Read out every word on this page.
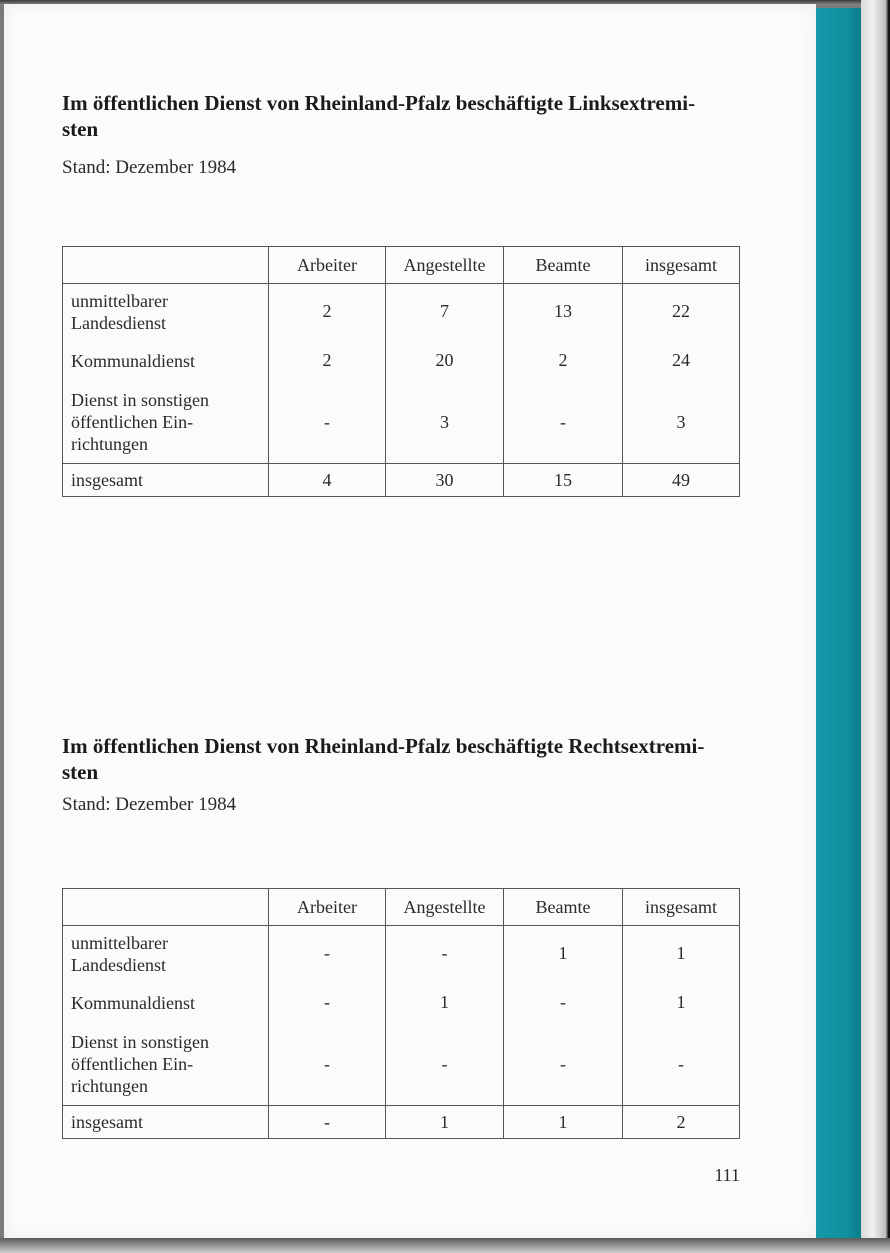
Im öffentlichen Dienst von Rheinland-Pfalz beschäftigte Linksextremi-
sten

Stand: Dezember 1984

	Arbeiter	Angestellte	Beamte	insgesamt
unmittelbarer
Landesdienst	2	7	13	22
Kommunaldienst	2	20	2	24
Dienst in sonstigen
öffentlichen Ein-
richtungen	-	3	-	3
insgesamt	4	30	15	49
Im öffentlichen Dienst von Rheinland-Pfalz beschäftigte Rechtsextremi-
sten

Stand: Dezember 1984

	Arbeiter	Angestellte	Beamte	insgesamt
unmittelbarer
Landesdienst	-	-	1	1
Kommunaldienst	-	1	-	1
Dienst in sonstigen
öffentlichen Ein-
richtungen	-	-	-	-
insgesamt	-	1	1	2
111
